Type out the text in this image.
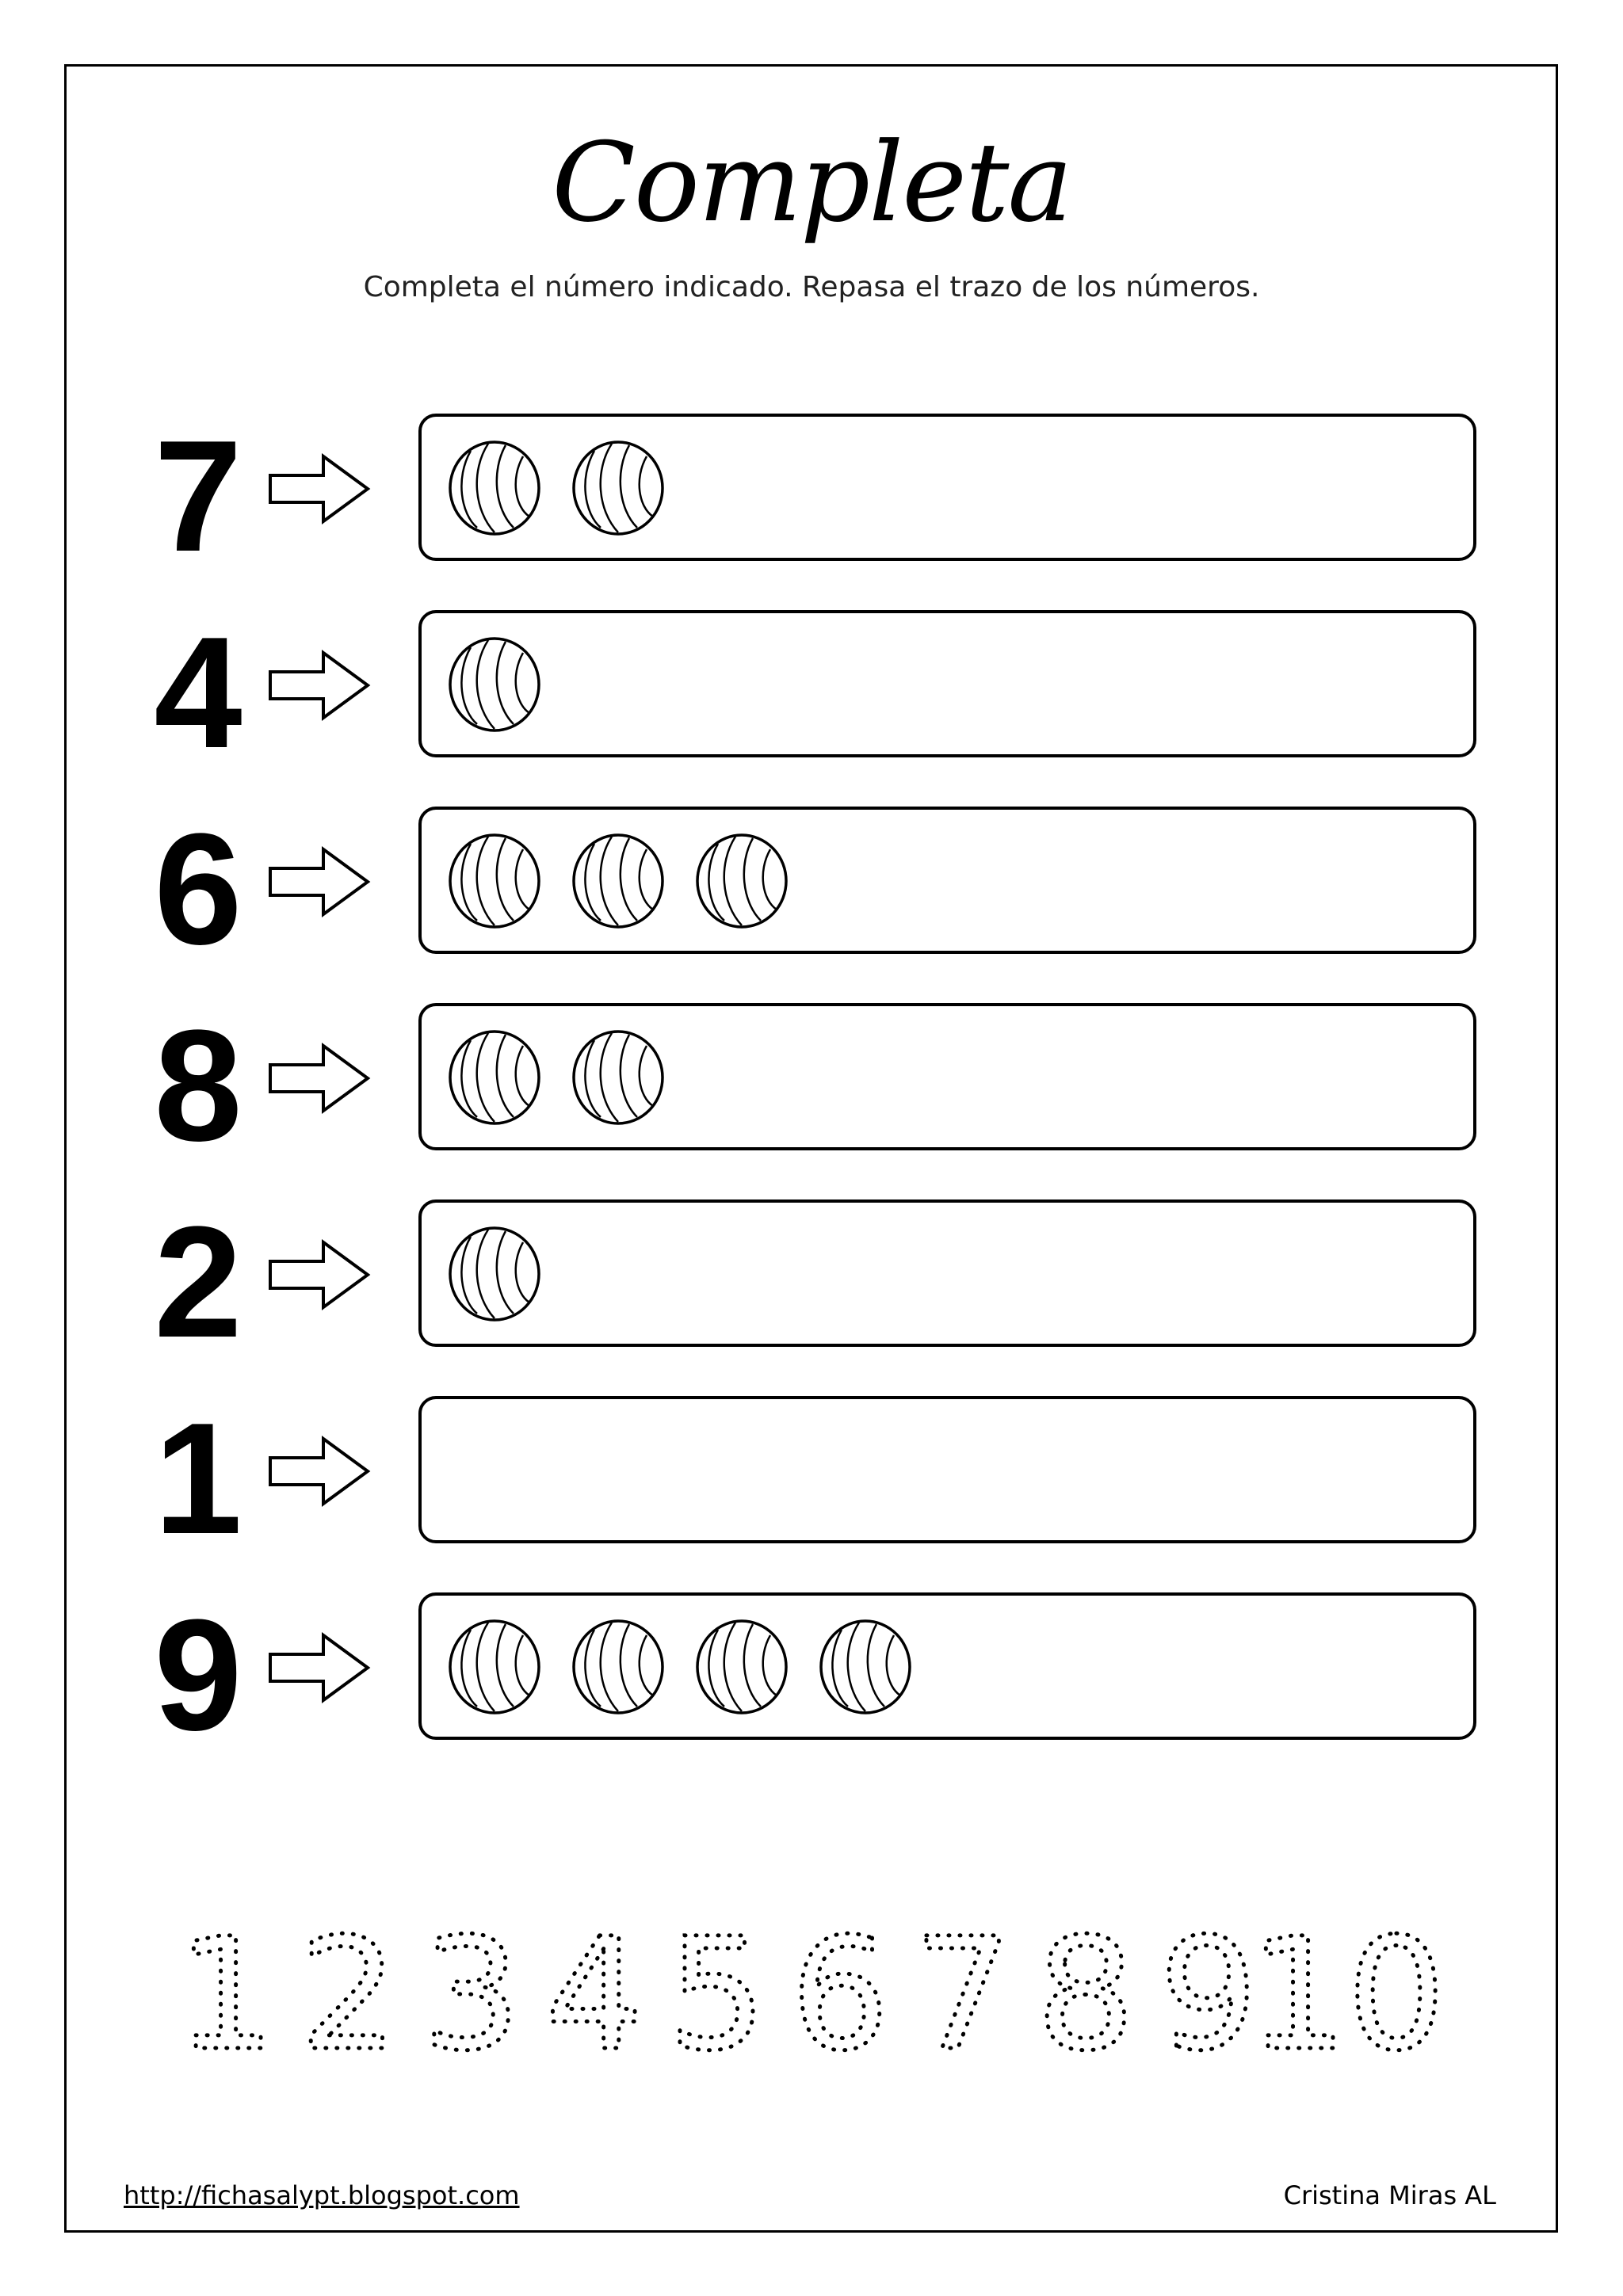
Completa
Completa el número indicado. Repasa el trazo de los números.
7
4
6
8
2
1
9
1 2 3 4 5 6 7 8 9
10
http://fichasalypt.blogspot.com	Cristina Miras AL
